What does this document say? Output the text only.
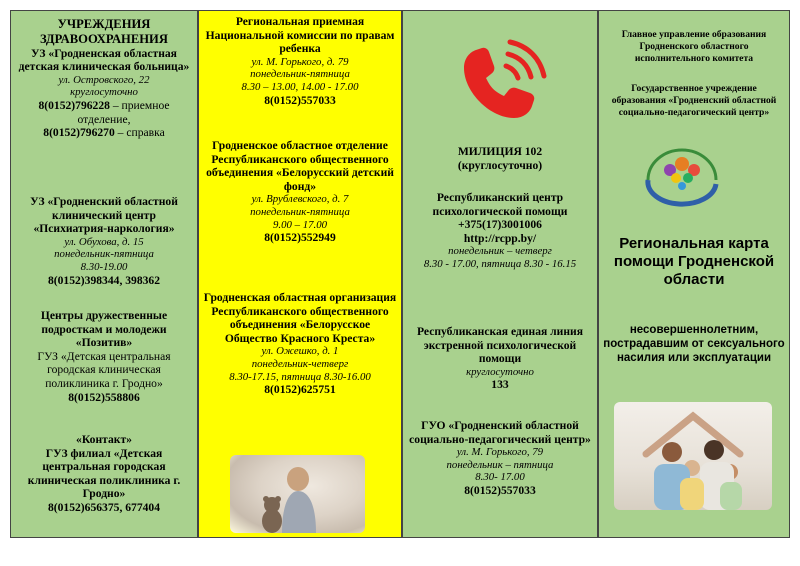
УЧРЕЖДЕНИЯ ЗДРАВООХРАНЕНИЯ
УЗ «Гродненская областная детская клиническая больница»
ул. Островского, 22
круглосуточно
8(0152)796228 – приемное отделение,
8(0152)796270 – справка
УЗ «Гродненский областной клинический центр «Психиатрия-наркология»
ул. Обухова, д. 15
понедельник-пятница
8.30-19.00
8(0152)398344, 398362
Центры дружественные подросткам и молодежи «Позитив»
ГУЗ «Детская центральная городская клиническая поликлиника г. Гродно»
8(0152)558806
«Контакт»
ГУЗ филиал «Детская центральная городская клиническая поликлиника г. Гродно»
8(0152)656375, 677404
Региональная приемная Национальной комиссии по правам ребенка
ул. М. Горького, д. 79
понедельник-пятница
8.30 – 13.00, 14.00 - 17.00
8(0152)557033
Гродненское областное отделение Республиканского общественного объединения «Белорусский детский фонд»
ул. Врублевского, д. 7
понедельник-пятница
9.00 – 17.00
8(0152)552949
Гродненская областная организация Республиканского общественного объединения «Белорусское Общество Красного Креста»
ул. Ожешко, д. 1
понедельник-четверг
8.30-17.15, пятница 8.30-16.00
8(0152)625751
МИЛИЦИЯ 102
(круглосуточно)
Республиканский центр психологической помощи
+375(17)3001006
http://rcpp.by/
понедельник – четверг
8.30 - 17.00, пятница 8.30 - 16.15
Республиканская единая линия экстренной психологической помощи
круглосуточно
133
ГУО «Гродненский областной социально-педагогический центр»
ул. М. Горького, 79
понедельник – пятница
8.30- 17.00
8(0152)557033
Главное управление образования Гродненского областного исполнительного комитета
Государственное учреждение образования «Гродненский областной социально-педагогический центр»
Региональная карта помощи Гродненской области
несовершеннолетним, пострадавшим от сексуального насилия или эксплуатации
